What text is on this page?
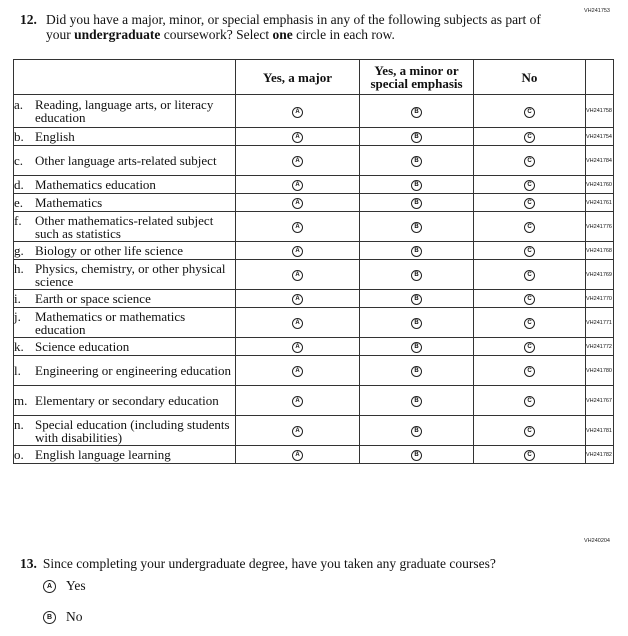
VH241753
12. Did you have a major, minor, or special emphasis in any of the following subjects as part of your undergraduate coursework? Select one circle in each row.
	Yes, a major	Yes, a minor or special emphasis	No	

a. Reading, language arts, or literacy education
	A	B	C	VH241758

b. English
	A	B	C	VH241754

c. Other language arts-related subject
	A	B	C	VH241784

d. Mathematics education
	A	B	C	VH241760

e. Mathematics
	A	B	C	VH241761

f. Other mathematics-related subject such as statistics
	A	B	C	VH241776

g. Biology or other life science
	A	B	C	VH241768

h. Physics, chemistry, or other physical science
	A	B	C	VH241769

i. Earth or space science
	A	B	C	VH241770

j. Mathematics or mathematics education
	A	B	C	VH241771

k. Science education
	A	B	C	VH241772

l. Engineering or engineering education
	A	B	C	VH241780

m. Elementary or secondary education
	A	B	C	VH241767

n. Special education (including students with disabilities)
	A	B	C	VH241781

o. English language learning
	A	B	C	VH241782
VH240204
13. Since completing your undergraduate degree, have you taken any graduate courses?
A
Yes
B
No
